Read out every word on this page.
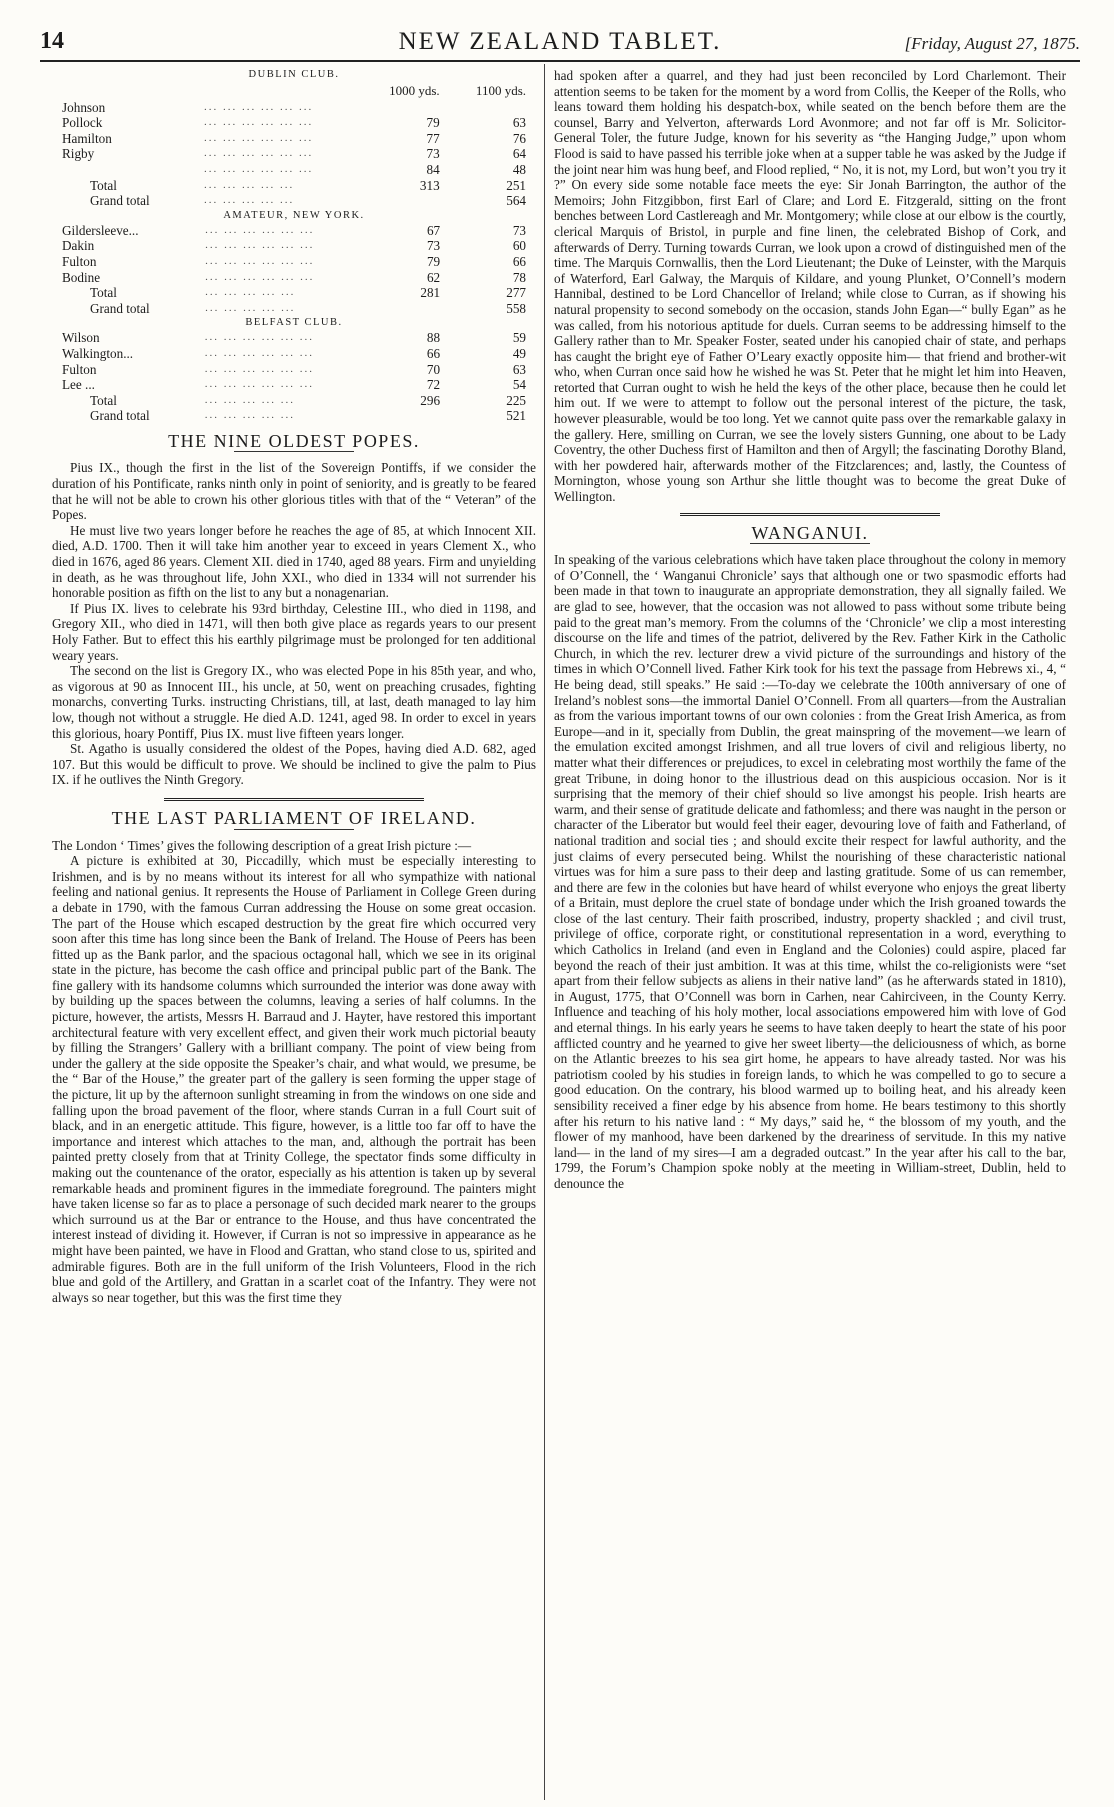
14	NEW ZEALAND TABLET.	[Friday, August 27, 1875.
DUBLIN CLUB.
		1000 yds.	1100 yds.
Johnson	... ... ... ... ... ...		
Pollock	... ... ... ... ... ...	79	63
Hamilton	... ... ... ... ... ...	77	76
Rigby	... ... ... ... ... ...	73	64
	... ... ... ... ... ...	84	48
Total	... ... ... ... ...	313	251
Grand total	... ... ... ... ...		564
AMATEUR, NEW YORK.
Gildersleeve...	... ... ... ... ... ...	67	73
Dakin	... ... ... ... ... ...	73	60
Fulton	... ... ... ... ... ...	79	66
Bodine	... ... ... ... ... ...	62	78
Total	... ... ... ... ...	281	277
Grand total	... ... ... ... ...		558
BELFAST CLUB.
Wilson	... ... ... ... ... ...	88	59
Walkington...	... ... ... ... ... ...	66	49
Fulton	... ... ... ... ... ...	70	63
Lee ...	... ... ... ... ... ...	72	54
Total	... ... ... ... ...	296	225
Grand total	... ... ... ... ...		521
THE NINE OLDEST POPES.

Pius IX., though the first in the list of the Sovereign Pontiffs, if we consider the duration of his Pontificate, ranks ninth only in point of seniority, and is greatly to be feared that he will not be able to crown his other glorious titles with that of the “ Veteran” of the Popes.

He must live two years longer before he reaches the age of 85, at which Innocent XII. died, A.D. 1700. Then it will take him another year to exceed in years Clement X., who died in 1676, aged 86 years. Clement XII. died in 1740, aged 88 years. Firm and unyielding in death, as he was throughout life, John XXI., who died in 1334 will not surrender his honorable position as fifth on the list to any but a nonagenarian.

If Pius IX. lives to celebrate his 93rd birthday, Celestine III., who died in 1198, and Gregory XII., who died in 1471, will then both give place as regards years to our present Holy Father. But to effect this his earthly pilgrimage must be prolonged for ten additional weary years.

The second on the list is Gregory IX., who was elected Pope in his 85th year, and who, as vigorous at 90 as Innocent III., his uncle, at 50, went on preaching crusades, fighting monarchs, converting Turks. instructing Christians, till, at last, death managed to lay him low, though not without a struggle. He died A.D. 1241, aged 98. In order to excel in years this glorious, hoary Pontiff, Pius IX. must live fifteen years longer.

St. Agatho is usually considered the oldest of the Popes, having died A.D. 682, aged 107. But this would be difficult to prove. We should be inclined to give the palm to Pius IX. if he outlives the Ninth Gregory.

THE LAST PARLIAMENT OF IRELAND.

The London ‘ Times’ gives the following description of a great Irish picture :—

A picture is exhibited at 30, Piccadilly, which must be especially interesting to Irishmen, and is by no means without its interest for all who sympathize with national feeling and national genius. It represents the House of Parliament in College Green during a debate in 1790, with the famous Curran addressing the House on some great occasion. The part of the House which escaped destruction by the great fire which occurred very soon after this time has long since been the Bank of Ireland. The House of Peers has been fitted up as the Bank parlor, and the spacious octagonal hall, which we see in its original state in the picture, has become the cash office and principal public part of the Bank. The fine gallery with its handsome columns which surrounded the interior was done away with by building up the spaces between the columns, leaving a series of half columns. In the picture, however, the artists, Messrs H. Barraud and J. Hayter, have restored this important architectural feature with very excellent effect, and given their work much pictorial beauty by filling the Strangers’ Gallery with a brilliant company. The point of view being from under the gallery at the side opposite the Speaker’s chair, and what would, we presume, be the “ Bar of the House,” the greater part of the gallery is seen forming the upper stage of the picture, lit up by the afternoon sunlight streaming in from the windows on one side and falling upon the broad pavement of the floor, where stands Curran in a full Court suit of black, and in an energetic attitude. This figure, however, is a little too far off to have the importance and interest which attaches to the man, and, although the portrait has been painted pretty closely from that at Trinity College, the spectator finds some difficulty in making out the countenance of the orator, especially as his attention is taken up by several remarkable heads and prominent figures in the immediate foreground. The painters might have taken license so far as to place a personage of such decided mark nearer to the groups which surround us at the Bar or entrance to the House, and thus have concentrated the interest instead of dividing it. However, if Curran is not so impressive in appearance as he might have been painted, we have in Flood and Grattan, who stand close to us, spirited and admirable figures. Both are in the full uniform of the Irish Volunteers, Flood in the rich blue and gold of the Artillery, and Grattan in a scarlet coat of the Infantry. They were not always so near together, but this was the first time they

had spoken after a quarrel, and they had just been reconciled by Lord Charlemont. Their attention seems to be taken for the moment by a word from Collis, the Keeper of the Rolls, who leans toward them holding his despatch-box, while seated on the bench before them are the counsel, Barry and Yelverton, afterwards Lord Avonmore; and not far off is Mr. Solicitor-General Toler, the future Judge, known for his severity as “the Hanging Judge,” upon whom Flood is said to have passed his terrible joke when at a supper table he was asked by the Judge if the joint near him was hung beef, and Flood replied, “ No, it is not, my Lord, but won’t you try it ?” On every side some notable face meets the eye: Sir Jonah Barrington, the author of the Memoirs; John Fitzgibbon, first Earl of Clare; and Lord E. Fitzgerald, sitting on the front benches between Lord Castlereagh and Mr. Montgomery; while close at our elbow is the courtly, clerical Marquis of Bristol, in purple and fine linen, the celebrated Bishop of Cork, and afterwards of Derry. Turning towards Curran, we look upon a crowd of distinguished men of the time. The Marquis Cornwallis, then the Lord Lieutenant; the Duke of Leinster, with the Marquis of Waterford, Earl Galway, the Marquis of Kildare, and young Plunket, O’Connell’s modern Hannibal, destined to be Lord Chancellor of Ireland; while close to Curran, as if showing his natural propensity to second somebody on the occasion, stands John Egan—“ bully Egan” as he was called, from his notorious aptitude for duels. Curran seems to be addressing himself to the Gallery rather than to Mr. Speaker Foster, seated under his canopied chair of state, and perhaps has caught the bright eye of Father O’Leary exactly opposite him— that friend and brother-wit who, when Curran once said how he wished he was St. Peter that he might let him into Heaven, retorted that Curran ought to wish he held the keys of the other place, because then he could let him out. If we were to attempt to follow out the personal interest of the picture, the task, however pleasurable, would be too long. Yet we cannot quite pass over the remarkable galaxy in the gallery. Here, smilling on Curran, we see the lovely sisters Gunning, one about to be Lady Coventry, the other Duchess first of Hamilton and then of Argyll; the fascinating Dorothy Bland, with her powdered hair, afterwards mother of the Fitzclarences; and, lastly, the Countess of Mornington, whose young son Arthur she little thought was to become the great Duke of Wellington.

WANGANUI.

In speaking of the various celebrations which have taken place throughout the colony in memory of O’Connell, the ‘ Wanganui Chronicle’ says that although one or two spasmodic efforts had been made in that town to inaugurate an appropriate demonstration, they all signally failed. We are glad to see, however, that the occasion was not allowed to pass without some tribute being paid to the great man’s memory. From the columns of the ‘Chronicle’ we clip a most interesting discourse on the life and times of the patriot, delivered by the Rev. Father Kirk in the Catholic Church, in which the rev. lecturer drew a vivid picture of the surroundings and history of the times in which O’Connell lived. Father Kirk took for his text the passage from Hebrews xi., 4, “ He being dead, still speaks.” He said :—To-day we celebrate the 100th anniversary of one of Ireland’s noblest sons—the immortal Daniel O’Connell. From all quarters—from the Australian as from the various important towns of our own colonies : from the Great Irish America, as from Europe—and in it, specially from Dublin, the great mainspring of the movement—we learn of the emulation excited amongst Irishmen, and all true lovers of civil and religious liberty, no matter what their differences or prejudices, to excel in celebrating most worthily the fame of the great Tribune, in doing honor to the illustrious dead on this auspicious occasion. Nor is it surprising that the memory of their chief should so live amongst his people. Irish hearts are warm, and their sense of gratitude delicate and fathomless; and there was naught in the person or character of the Liberator but would feel their eager, devouring love of faith and Fatherland, of national tradition and social ties ; and should excite their respect for lawful authority, and the just claims of every persecuted being. Whilst the nourishing of these characteristic national virtues was for him a sure pass to their deep and lasting gratitude. Some of us can remember, and there are few in the colonies but have heard of whilst everyone who enjoys the great liberty of a Britain, must deplore the cruel state of bondage under which the Irish groaned towards the close of the last century. Their faith proscribed, industry, property shackled ; and civil trust, privilege of office, corporate right, or constitutional representation in a word, everything to which Catholics in Ireland (and even in England and the Colonies) could aspire, placed far beyond the reach of their just ambition. It was at this time, whilst the co-religionists were “set apart from their fellow subjects as aliens in their native land” (as he afterwards stated in 1810), in August, 1775, that O’Connell was born in Carhen, near Cahirciveen, in the County Kerry. Influence and teaching of his holy mother, local associations empowered him with love of God and eternal things. In his early years he seems to have taken deeply to heart the state of his poor afflicted country and he yearned to give her sweet liberty—the deliciousness of which, as borne on the Atlantic breezes to his sea girt home, he appears to have already tasted. Nor was his patriotism cooled by his studies in foreign lands, to which he was compelled to go to secure a good education. On the contrary, his blood warmed up to boiling heat, and his already keen sensibility received a finer edge by his absence from home. He bears testimony to this shortly after his return to his native land : “ My days,” said he, “ the blossom of my youth, and the flower of my manhood, have been darkened by the dreariness of servitude. In this my native land— in the land of my sires—I am a degraded outcast.” In the year after his call to the bar, 1799, the Forum’s Champion spoke nobly at the meeting in William-street, Dublin, held to denounce the
